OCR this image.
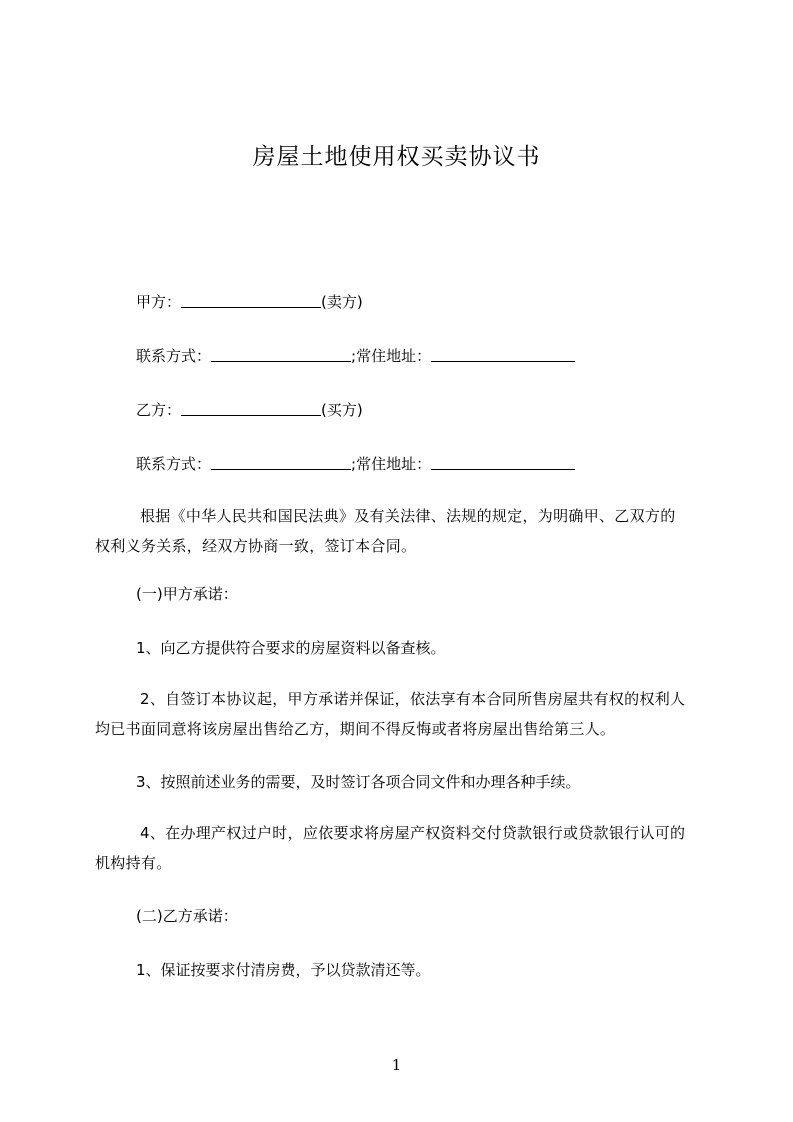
房屋土地使用权买卖协议书
甲方：	(卖方)
联系方式：	;常住地址：
乙方：	(买方)
联系方式：	;常住地址：
根据《中华人民共和国民法典》及有关法律、法规的规定，为明确甲、乙双方的
权利义务关系，经双方协商一致，签订本合同。
(一)甲方承诺：
1、向乙方提供符合要求的房屋资料以备查核。
2、自签订本协议起，甲方承诺并保证，依法享有本合同所售房屋共有权的权利人
均已书面同意将该房屋出售给乙方，期间不得反悔或者将房屋出售给第三人。
3、按照前述业务的需要，及时签订各项合同文件和办理各种手续。
4、在办理产权过户时，应依要求将房屋产权资料交付贷款银行或贷款银行认可的
机构持有。
(二)乙方承诺：
1、保证按要求付清房费，予以贷款清还等。
1
